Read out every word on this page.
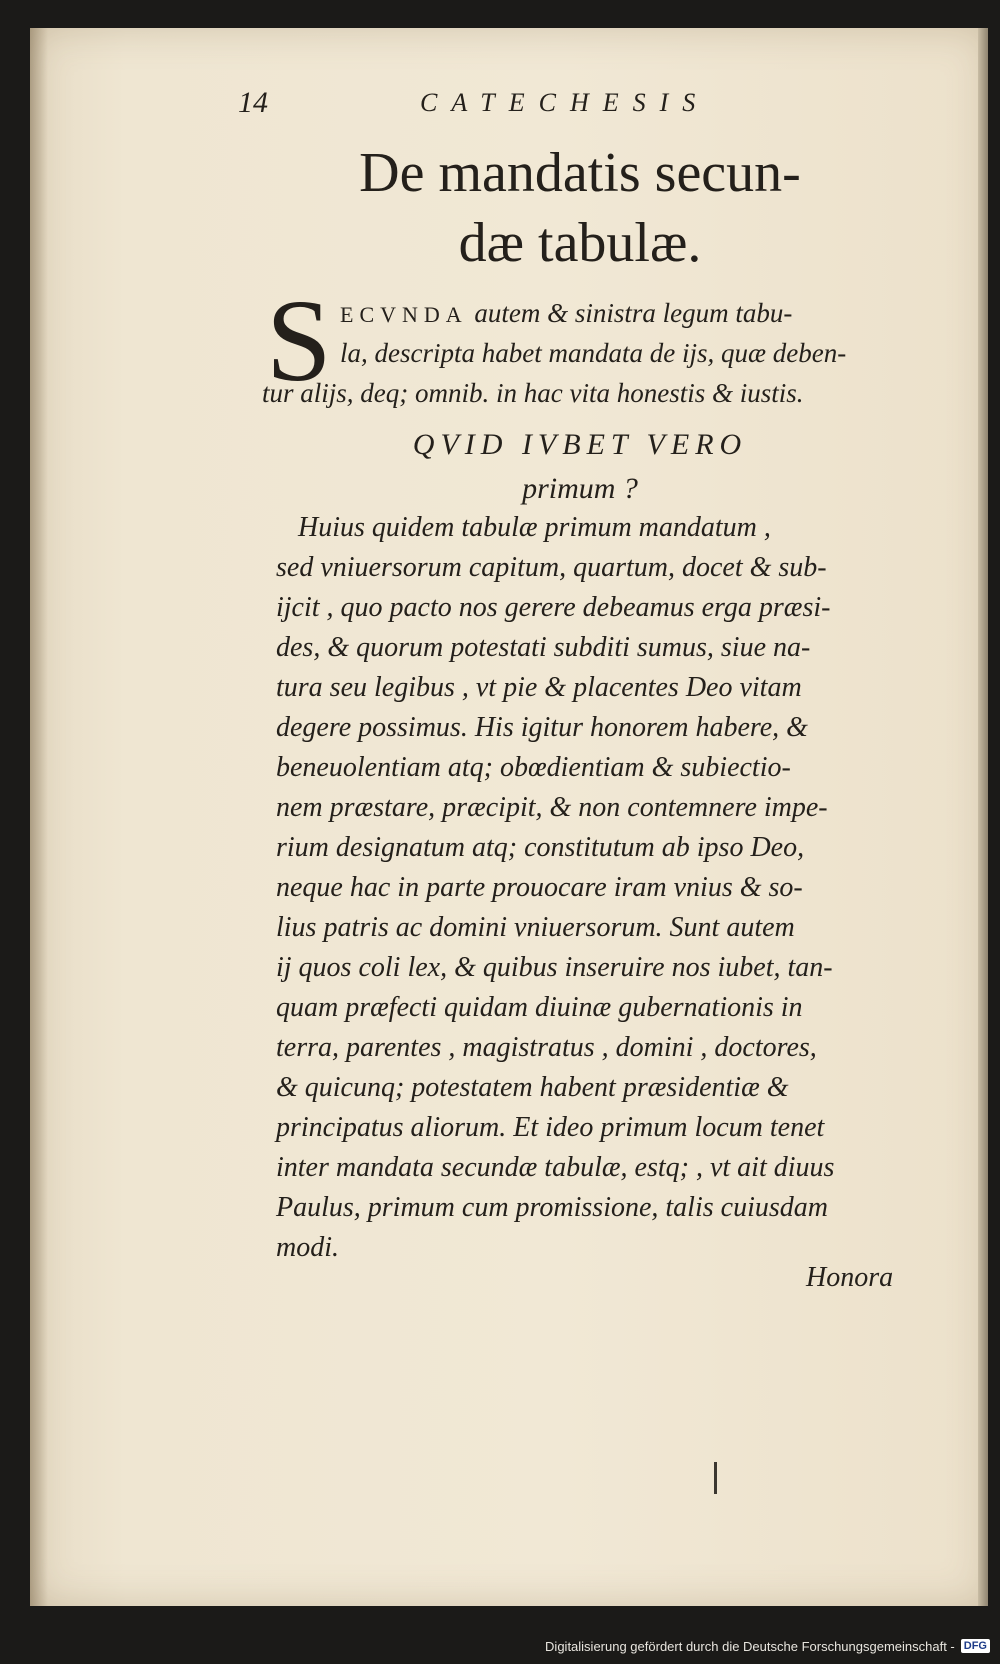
14	CATECHESIS
De mandatis secun-
dæ tabulæ.
S ECVNDA autem & sinistra legum tabu-
la, descripta habet mandata de ijs, quæ deben-
tur alijs, deq; omnib. in hac vita honestis & iustis.

QVID IVBET VERO

primum ?

Huius quidem tabulæ primum mandatum ,
sed vniuersorum capitum, quartum, docet & sub-
ijcit , quo pacto nos gerere debeamus erga præsi-
des, & quorum potestati subditi sumus, siue na-
tura seu legibus , vt pie & placentes Deo vitam
degere possimus. His igitur honorem habere, &
beneuolentiam atq; obœdientiam & subiectio-
nem præstare, præcipit, & non contemnere impe-
rium designatum atq; constitutum ab ipso Deo,
neque hac in parte prouocare iram vnius & so-
lius patris ac domini vniuersorum. Sunt autem
ij quos coli lex, & quibus inseruire nos iubet, tan-
quam præfecti quidam diuinæ gubernationis in
terra, parentes , magistratus , domini , doctores,
& quicunq; potestatem habent præsidentiæ &
principatus aliorum. Et ideo primum locum tenet
inter mandata secundæ tabulæ, estq; , vt ait diuus
Paulus, primum cum promissione, talis cuiusdam
modi.
Honora
Digitalisierung gefördert durch die Deutsche Forschungsgemeinschaft - DFG
